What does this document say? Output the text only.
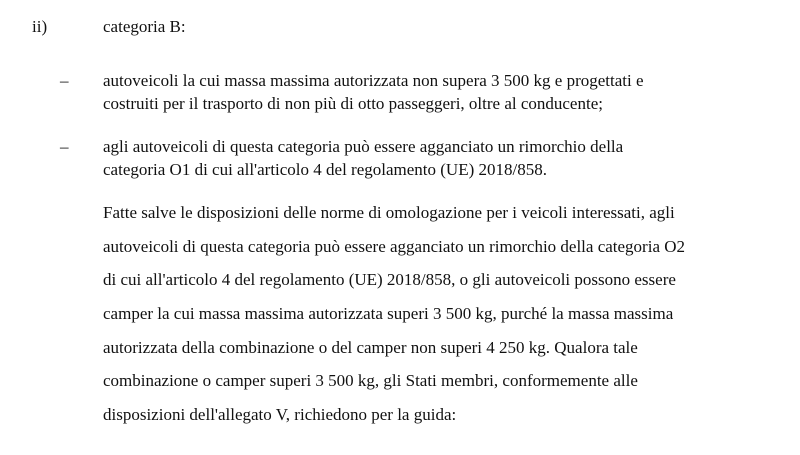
ii)	categoria B:
– autoveicoli la cui massa massima autorizzata non supera 3 500 kg e progettati e
costruiti per il trasporto di non più di otto passeggeri, oltre al conducente;
– agli autoveicoli di questa categoria può essere agganciato un rimorchio della
categoria O1 di cui all'articolo 4 del regolamento (UE) 2018/858.
Fatte salve le disposizioni delle norme di omologazione per i veicoli interessati, agli
autoveicoli di questa categoria può essere agganciato un rimorchio della categoria O2
di cui all'articolo 4 del regolamento (UE) 2018/858, o gli autoveicoli possono essere
camper la cui massa massima autorizzata superi 3 500 kg, purché la massa massima
autorizzata della combinazione o del camper non superi 4 250 kg. Qualora tale
combinazione o camper superi 3 500 kg, gli Stati membri, conformemente alle
disposizioni dell'allegato V, richiedono per la guida:
